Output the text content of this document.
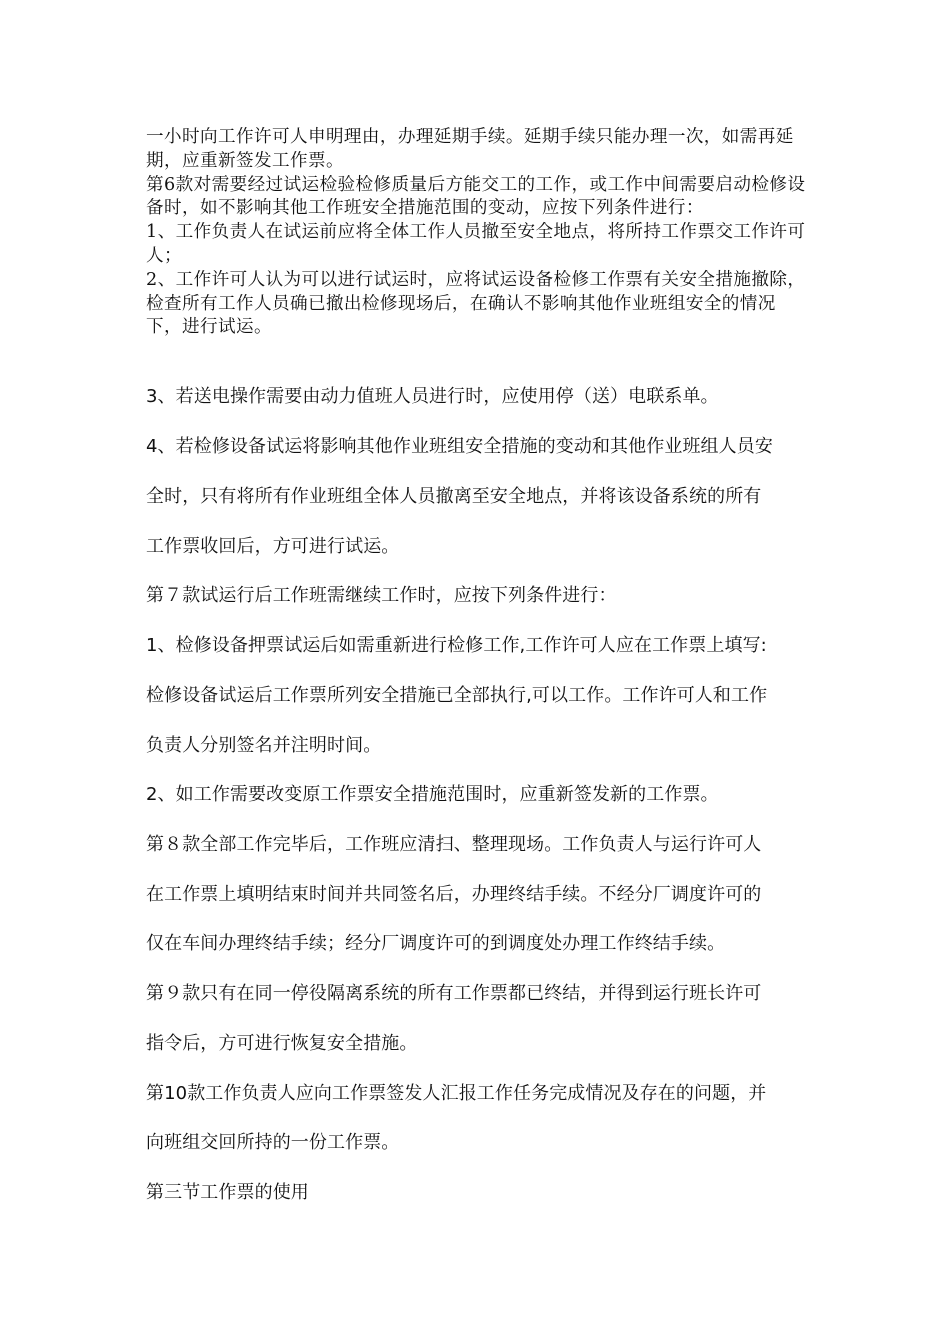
一小时向工作许可人申明理由，办理延期手续。延期手续只能办理一次，如需再延期，应重新签发工作票。

第6款对需要经过试运检验检修质量后方能交工的工作，或工作中间需要启动检修设备时，如不影响其他工作班安全措施范围的变动，应按下列条件进行：

1、工作负责人在试运前应将全体工作人员撤至安全地点，将所持工作票交工作许可人；

2、工作许可人认为可以进行试运时，应将试运设备检修工作票有关安全措施撤除，检查所有工作人员确已撤出检修现场后，在确认不影响其他作业班组安全的情况下，进行试运。

3、若送电操作需要由动力值班人员进行时，应使用停（送）电联系单。
4、若检修设备试运将影响其他作业班组安全措施的变动和其他作业班组人员安
全时，只有将所有作业班组全体人员撤离至安全地点，并将该设备系统的所有
工作票收回后，方可进行试运。
第７款试运行后工作班需继续工作时，应按下列条件进行：
1、检修设备押票试运后如需重新进行检修工作,工作许可人应在工作票上填写:
检修设备试运后工作票所列安全措施已全部执行,可以工作。工作许可人和工作
负责人分别签名并注明时间。
2、如工作需要改变原工作票安全措施范围时，应重新签发新的工作票。
第８款全部工作完毕后，工作班应清扫、整理现场。工作负责人与运行许可人
在工作票上填明结束时间并共同签名后，办理终结手续。不经分厂调度许可的
仅在车间办理终结手续；经分厂调度许可的到调度处办理工作终结手续。
第９款只有在同一停役隔离系统的所有工作票都已终结，并得到运行班长许可
指令后，方可进行恢复安全措施。
第10款工作负责人应向工作票签发人汇报工作任务完成情况及存在的问题，并
向班组交回所持的一份工作票。
第三节工作票的使用
